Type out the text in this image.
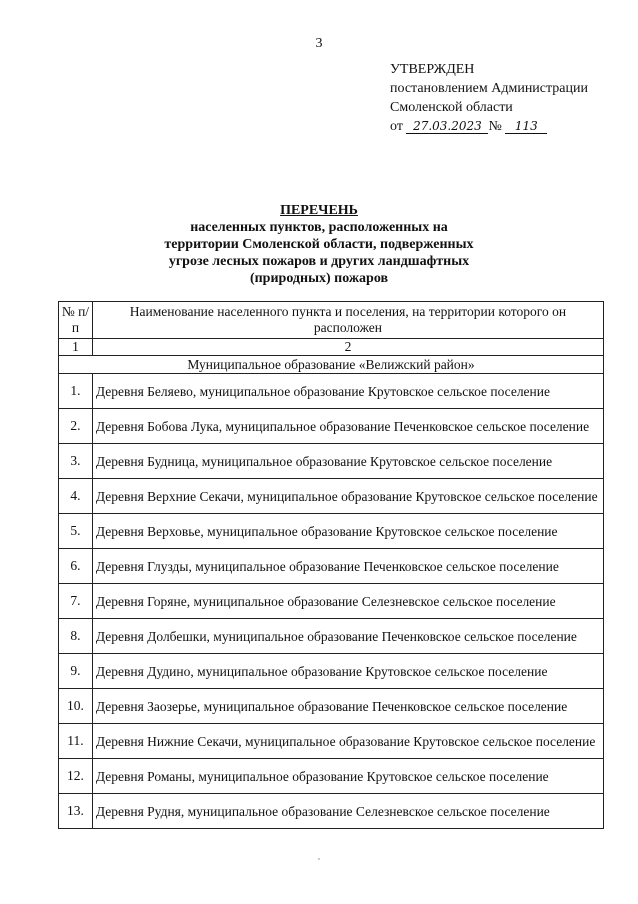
3
УТВЕРЖДЕН
постановлением Администрации
Смоленской области
от 27.03.2023 № 113
ПЕРЕЧЕНЬ
населенных пунктов, расположенных на
территории Смоленской области, подверженных
угрозе лесных пожаров и других ландшафтных
(природных) пожаров
№ п/п	Наименование населенного пункта и поселения, на территории которого он расположен
1	2
Муниципальное образование «Велижский район»	
1.	Деревня Беляево, муниципальное образование Крутовское сельское поселение
2.	Деревня Бобова Лука, муниципальное образование Печенковское сельское поселение
3.	Деревня Будница, муниципальное образование Крутовское сельское поселение
4.	Деревня Верхние Секачи, муниципальное образование Крутовское сельское поселение
5.	Деревня Верховье, муниципальное образование Крутовское сельское поселение
6.	Деревня Глузды, муниципальное образование Печенковское сельское поселение
7.	Деревня Горяне, муниципальное образование Селезневское сельское поселение
8.	Деревня Долбешки, муниципальное образование Печенковское сельское поселение
9.	Деревня Дудино, муниципальное образование Крутовское сельское поселение
10.	Деревня Заозерье, муниципальное образование Печенковское сельское поселение
11.	Деревня Нижние Секачи, муниципальное образование Крутовское сельское поселение
12.	Деревня Романы, муниципальное образование Крутовское сельское поселение
13.	Деревня Рудня, муниципальное образование Селезневское сельское поселение
